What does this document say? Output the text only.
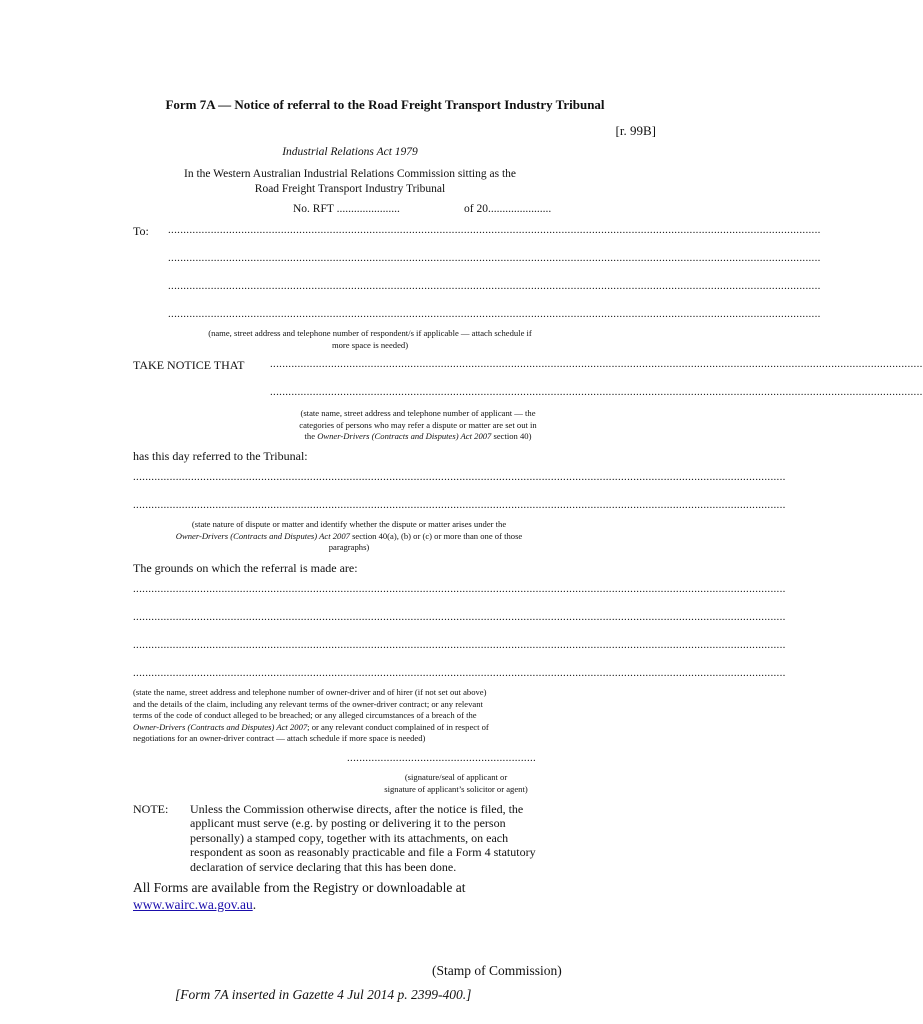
Form 7A — Notice of referral to the Road Freight Transport Industry Tribunal
[r. 99B]
Industrial Relations Act 1979
In the Western Australian Industrial Relations Commission sitting as the
Road Freight Transport Industry Tribunal
No. RFT ......................	of 20......................
To: ......................................................................................................................................................................................................................
......................................................................................................................................................................................................................
......................................................................................................................................................................................................................
......................................................................................................................................................................................................................
(name, street address and telephone number of respondent/s if applicable — attach schedule if
more space is needed)
TAKE NOTICE THAT ......................................................................................................................................................................................................................
......................................................................................................................................................................................................................
(state name, street address and telephone number of applicant — the
categories of persons who may refer a dispute or matter are set out in
the Owner-Drivers (Contracts and Disputes) Act 2007 section 40)
has this day referred to the Tribunal:
......................................................................................................................................................................................................................
......................................................................................................................................................................................................................
(state nature of dispute or matter and identify whether the dispute or matter arises under the
Owner-Drivers (Contracts and Disputes) Act 2007 section 40(a), (b) or (c) or more than one of those
paragraphs)
The grounds on which the referral is made are:
......................................................................................................................................................................................................................
......................................................................................................................................................................................................................
......................................................................................................................................................................................................................
......................................................................................................................................................................................................................
(state the name, street address and telephone number of owner-driver and of hirer (if not set out above)
and the details of the claim, including any relevant terms of the owner-driver contract; or any relevant
terms of the code of conduct alleged to be breached; or any alleged circumstances of a breach of the
Owner-Drivers (Contracts and Disputes) Act 2007; or any relevant conduct complained of in respect of
negotiations for an owner-driver contract — attach schedule if more space is needed)
..............................................................
(signature/seal of applicant or
signature of applicant’s solicitor or agent)
NOTE: Unless the Commission otherwise directs, after the notice is filed, the
applicant must serve (e.g. by posting or delivering it to the person
personally) a stamped copy, together with its attachments, on each
respondent as soon as reasonably practicable and file a Form 4 statutory
declaration of service declaring that this has been done.
All Forms are available from the Registry or downloadable at
www.wairc.wa.gov.au.
(Stamp of Commission)
[Form 7A inserted in Gazette 4 Jul 2014 p. 2399-400.]
